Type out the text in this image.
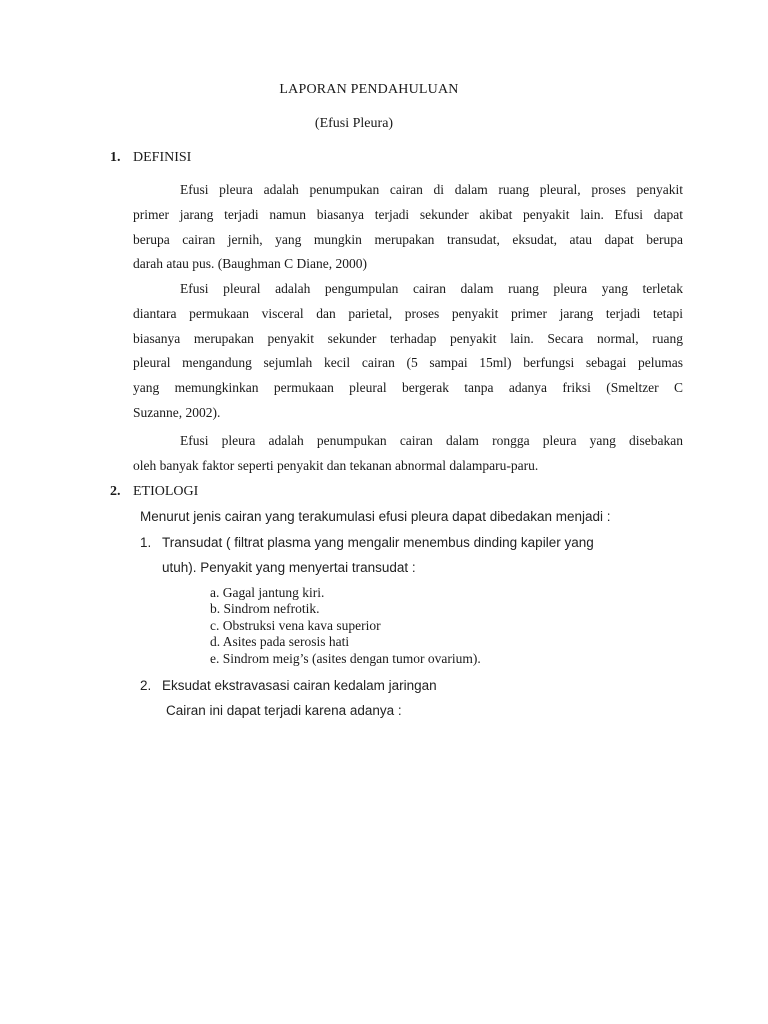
LAPORAN PENDAHULUAN
(Efusi Pleura)
1. DEFINISI
Efusi pleura adalah penumpukan cairan di dalam ruang pleural, proses penyakit
primer jarang terjadi namun biasanya terjadi sekunder akibat penyakit lain. Efusi dapat
berupa cairan jernih, yang mungkin merupakan transudat, eksudat, atau dapat berupa
darah atau pus. (Baughman C Diane, 2000)
Efusi pleural adalah pengumpulan cairan dalam ruang pleura yang terletak
diantara permukaan visceral dan parietal, proses penyakit primer jarang terjadi tetapi
biasanya merupakan penyakit sekunder terhadap penyakit lain. Secara normal, ruang
pleural mengandung sejumlah kecil cairan (5 sampai 15ml) berfungsi sebagai pelumas
yang memungkinkan permukaan pleural bergerak tanpa adanya friksi (Smeltzer C
Suzanne, 2002).
Efusi pleura adalah penumpukan cairan dalam rongga pleura yang disebakan
oleh banyak faktor seperti penyakit dan tekanan abnormal dalamparu-paru.
2. ETIOLOGI
Menurut jenis cairan yang terakumulasi efusi pleura dapat dibedakan menjadi :
1. Transudat ( filtrat plasma yang mengalir menembus dinding kapiler yang
utuh). Penyakit yang menyertai transudat :
a. Gagal jantung kiri.
b. Sindrom nefrotik.
c. Obstruksi vena kava superior
d. Asites pada serosis hati
e. Sindrom meig’s (asites dengan tumor ovarium).
2. Eksudat ekstravasasi cairan kedalam jaringan
Cairan ini dapat terjadi karena adanya :
